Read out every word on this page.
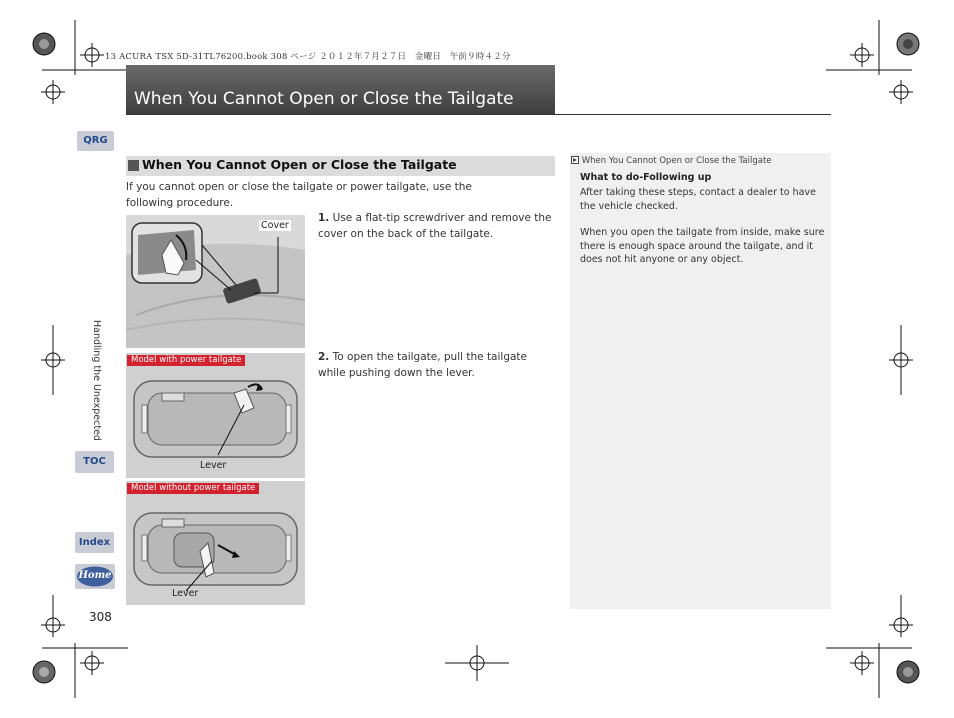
13 ACURA TSX 5D-31TL76200.book 308 ページ ２０１２年７月２７日　金曜日　午前９時４２分
When You Cannot Open or Close the Tailgate
QRG
Handling the Unexpected
TOC
Index
Home
When You Cannot Open or Close the Tailgate
If you cannot open or close the tailgate or power tailgate, use the following procedure.
Cover
1. Use a flat-tip screwdriver and remove the cover on the back of the tailgate.
Model with power tailgate
Lever
2. To open the tailgate, pull the tailgate while pushing down the lever.
Model without power tailgate
Lever
When You Cannot Open or Close the Tailgate
What to do-Following up
After taking these steps, contact a dealer to have the vehicle checked.
When you open the tailgate from inside, make sure there is enough space around the tailgate, and it does not hit anyone or any object.
308
